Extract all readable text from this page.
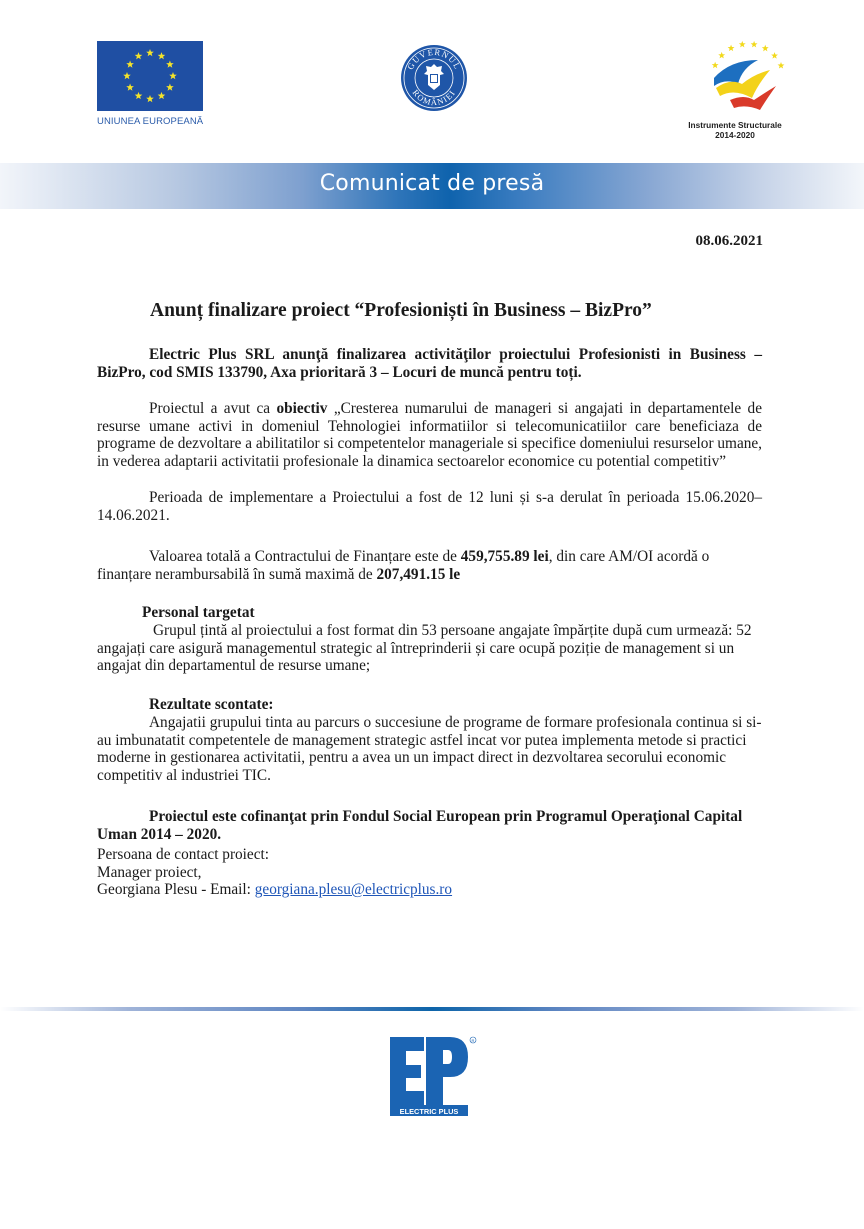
UNIUNEA EUROPEANĂ
GUVERNUL
ROMÂNIEI
Instrumente Structurale
2014-2020
Comunicat de presă
08.06.2021
Anunț finalizare proiect “Profesioniști în Business – BizPro”
Electric Plus SRL anunţă finalizarea activităţilor proiectului Profesionisti in Business – BizPro, cod SMIS 133790, Axa prioritară 3 – Locuri de muncă pentru toți.
Proiectul a avut ca obiectiv „Cresterea numarului de manageri si angajati in departamentele de resurse umane activi in domeniul Tehnologiei informatiilor si telecomunicatiilor care beneficiaza de programe de dezvoltare a abilitatilor si competentelor manageriale si specifice domeniului resurselor umane, in vederea adaptarii activitatii profesionale la dinamica sectoarelor economice cu potential competitiv”
Perioada de implementare a Proiectului a fost de 12 luni și s-a derulat în perioada 15.06.2020–14.06.2021.
Valoarea totală a Contractului de Finanțare este de 459,755.89 lei, din care AM/OI acordă o finanțare nerambursabilă în sumă maximă de 207,491.15 le
Personal targetat
Grupul țintă al proiectului a fost format din 53 persoane angajate împărțite după cum urmează: 52 angajați care asigură managementul strategic al întreprinderii și care ocupă poziție de management si un angajat din departamentul de resurse umane;
Rezultate scontate:
Angajatii grupului tinta au parcurs o succesiune de programe de formare profesionala continua si si-au imbunatatit competentele de management strategic astfel incat vor putea implementa metode si practici moderne in gestionarea activitatii, pentru a avea un un impact direct in dezvoltarea secorului economic competitiv al industriei TIC.
Proiectul este cofinanţat prin Fondul Social European prin Programul Operaţional Capital Uman 2014 – 2020.
Persoana de contact proiect:
Manager proiect,
Georgiana Plesu - Email: georgiana.plesu@electricplus.ro
ELECTRIC PLUS
R
